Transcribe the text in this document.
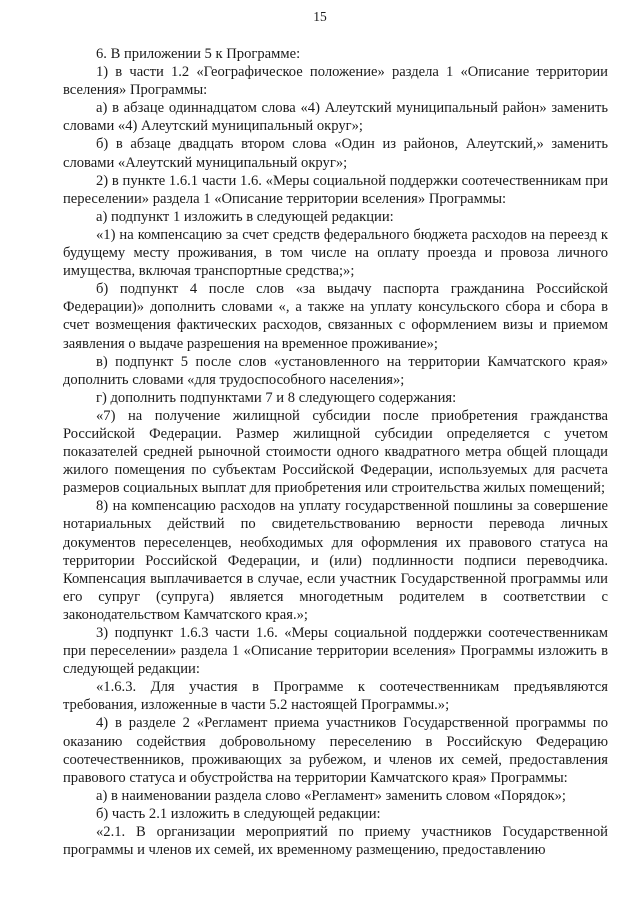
15

6. В приложении 5 к Программе:

1) в части 1.2 «Географическое положение» раздела 1 «Описание территории вселения» Программы:

а) в абзаце одиннадцатом слова «4) Алеутский муниципальный район» заменить словами «4) Алеутский муниципальный округ»;

б) в абзаце двадцать втором слова «Один из районов, Алеутский,» заменить словами «Алеутский муниципальный округ»;

2) в пункте 1.6.1 части 1.6. «Меры социальной поддержки соотечественникам при переселении» раздела 1 «Описание территории вселения» Программы:

а) подпункт 1 изложить в следующей редакции:

«1) на компенсацию за счет средств федерального бюджета расходов на переезд к будущему месту проживания, в том числе на оплату проезда и провоза личного имущества, включая транспортные средства;»;

б) подпункт 4 после слов «за выдачу паспорта гражданина Российской Федерации)» дополнить словами «, а также на уплату консульского сбора и сбора в счет возмещения фактических расходов, связанных с оформлением визы и приемом заявления о выдаче разрешения на временное проживание»;

в) подпункт 5 после слов «установленного на территории Камчатского края» дополнить словами «для трудоспособного населения»;

г) дополнить подпунктами 7 и 8 следующего содержания:

«7) на получение жилищной субсидии после приобретения гражданства Российской Федерации. Размер жилищной субсидии определяется с учетом показателей средней рыночной стоимости одного квадратного метра общей площади жилого помещения по субъектам Российской Федерации, используемых для расчета размеров социальных выплат для приобретения или строительства жилых помещений;

8) на компенсацию расходов на уплату государственной пошлины за совершение нотариальных действий по свидетельствованию верности перевода личных документов переселенцев, необходимых для оформления их правового статуса на территории Российской Федерации, и (или) подлинности подписи переводчика. Компенсация выплачивается в случае, если участник Государственной программы или его супруг (супруга) является многодетным родителем в соответствии с законодательством Камчатского края.»;

3) подпункт 1.6.3 части 1.6. «Меры социальной поддержки соотечественникам при переселении» раздела 1 «Описание территории вселения» Программы изложить в следующей редакции:

«1.6.3. Для участия в Программе к соотечественникам предъявляются требования, изложенные в части 5.2 настоящей Программы.»;

4) в разделе 2 «Регламент приема участников Государственной программы по оказанию содействия добровольному переселению в Российскую Федерацию соотечественников, проживающих за рубежом, и членов их семей, предоставления правового статуса и обустройства на территории Камчатского края» Программы:

а) в наименовании раздела слово «Регламент» заменить словом «Порядок»;

б) часть 2.1 изложить в следующей редакции:

«2.1. В организации мероприятий по приему участников Государственной программы и членов их семей, их временному размещению, предоставлению
